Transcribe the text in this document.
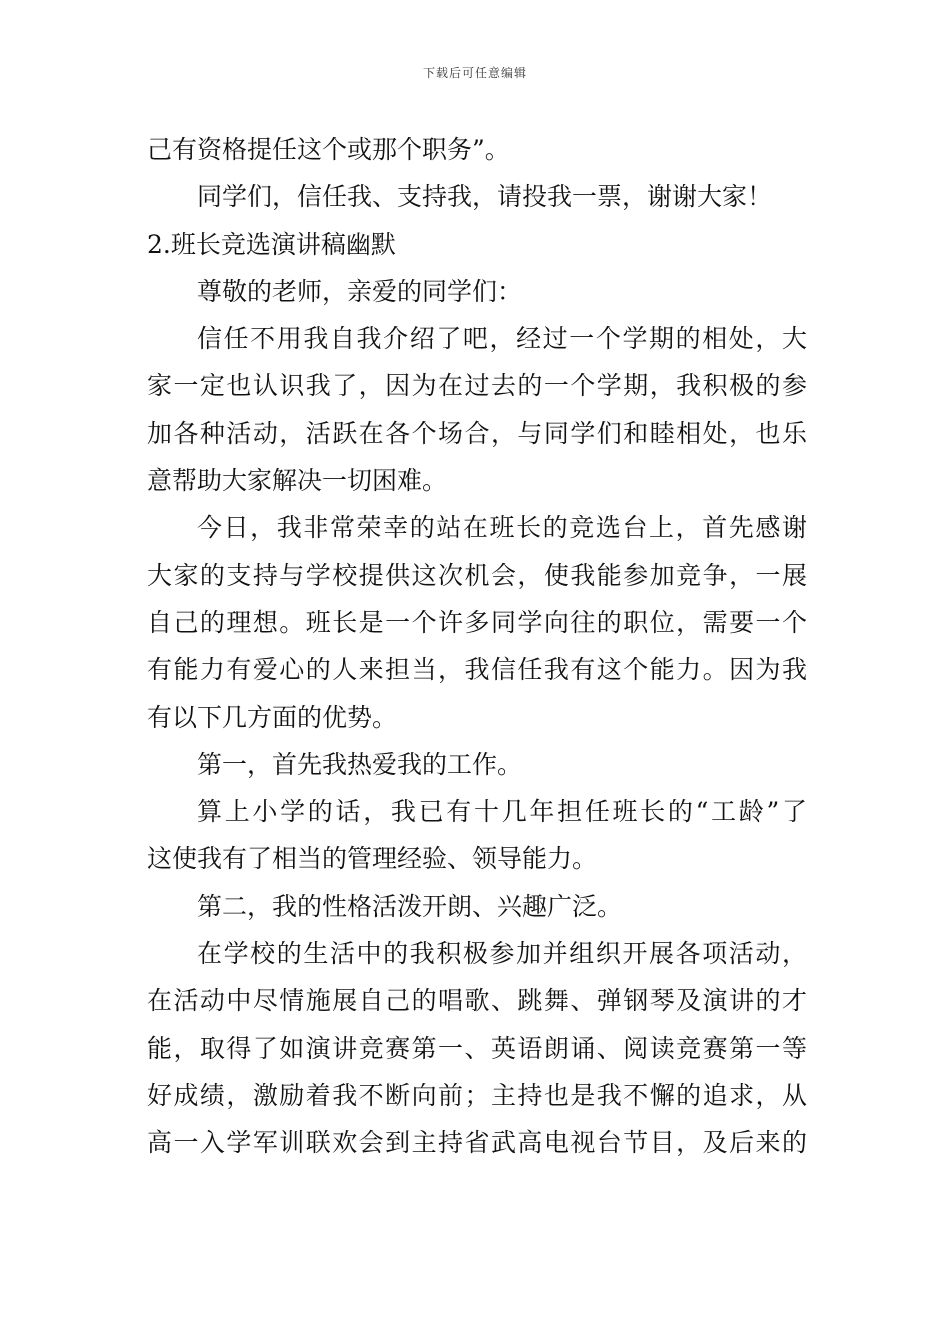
下载后可任意编辑
己有资格提任这个或那个职务”。
同学们，信任我、支持我，请投我一票，谢谢大家！
2.班长竞选演讲稿幽默
尊敬的老师，亲爱的同学们：
信任不用我自我介绍了吧，经过一个学期的相处，大
家一定也认识我了，因为在过去的一个学期，我积极的参
加各种活动，活跃在各个场合，与同学们和睦相处，也乐
意帮助大家解决一切困难。
今日，我非常荣幸的站在班长的竞选台上，首先感谢
大家的支持与学校提供这次机会，使我能参加竞争，一展
自己的理想。班长是一个许多同学向往的职位，需要一个
有能力有爱心的人来担当，我信任我有这个能力。因为我
有以下几方面的优势。
第一，首先我热爱我的工作。
算上小学的话，我已有十几年担任班长的“工龄”了
这使我有了相当的管理经验、领导能力。
第二，我的性格活泼开朗、兴趣广泛。
在学校的生活中的我积极参加并组织开展各项活动，
在活动中尽情施展自己的唱歌、跳舞、弹钢琴及演讲的才
能，取得了如演讲竞赛第一、英语朗诵、阅读竞赛第一等
好成绩，激励着我不断向前；主持也是我不懈的追求，从
高一入学军训联欢会到主持省武高电视台节目，及后来的
